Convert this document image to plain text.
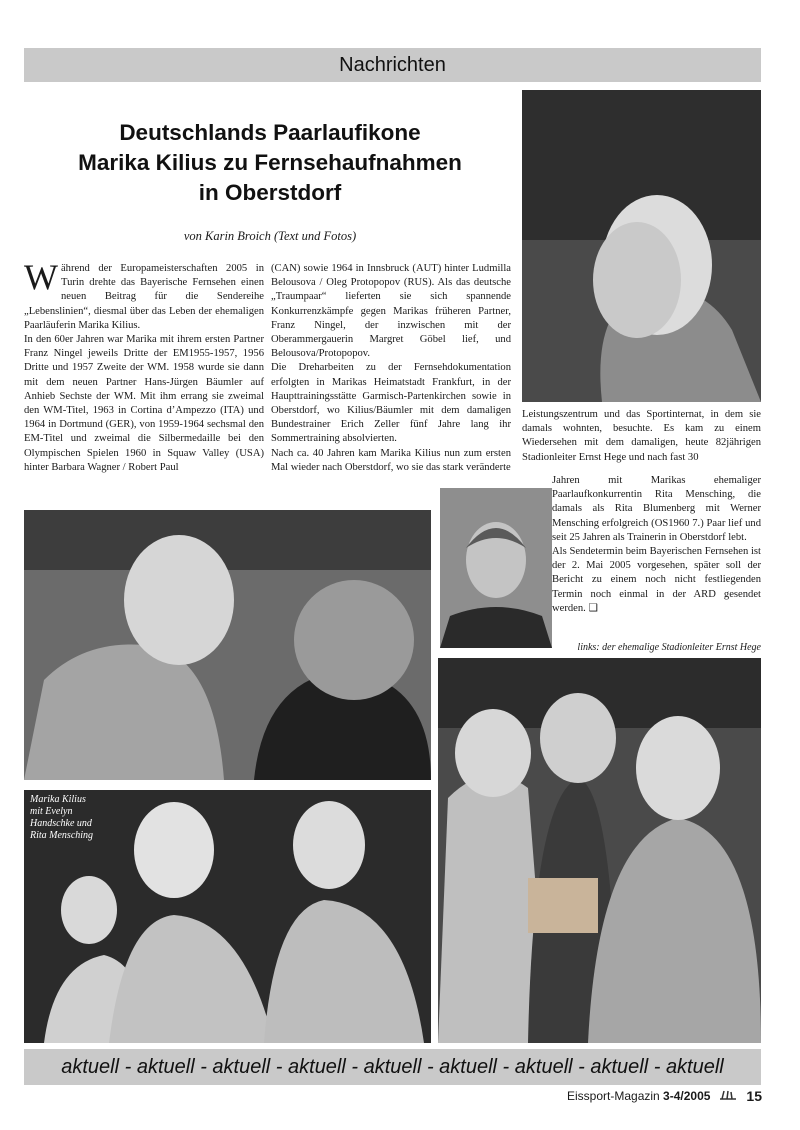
Nachrichten
Deutschlands Paarlaufikone
Marika Kilius zu Fernsehaufnahmen
in Oberstdorf
von Karin Broich (Text und Fotos)

Während der Europameisterschaften 2005 in Turin drehte das Bayerische Fernsehen einen neuen Beitrag für die Sendereihe „Lebenslinien“, diesmal über das Leben der ehemaligen Paarläuferin Marika Kilius.

In den 60er Jahren war Marika mit ihrem ersten Partner Franz Ningel jeweils Dritte der EM1955-1957, 1956 Dritte und 1957 Zweite der WM. 1958 wurde sie dann mit dem neuen Partner Hans-Jürgen Bäumler auf Anhieb Sechste der WM. Mit ihm errang sie zweimal den WM-Titel, 1963 in Cortina d’Ampezzo (ITA) und 1964 in Dortmund (GER), von 1959-1964 sechsmal den EM-Titel und zweimal die Silbermedaille bei den Olympischen Spielen 1960 in Squaw Valley (USA) hinter Barbara Wagner / Robert Paul

(CAN) sowie 1964 in Innsbruck (AUT) hinter Ludmilla Belousova / Oleg Protopopov (RUS). Als das deutsche „Traumpaar“ lieferten sie sich spannende Konkurrenzkämpfe gegen Marikas früheren Partner, Franz Ningel, der inzwischen mit der Oberammergauerin Margret Göbel lief, und Belousova/Protopopov.

Die Dreharbeiten zu der Fernsehdokumentation erfolgten in Marikas Heimatstadt Frankfurt, in der Haupttrainingsstätte Garmisch-Partenkirchen sowie in Oberstdorf, wo Kilius/Bäumler mit dem damaligen Bundestrainer Erich Zeller fünf Jahre lang ihr Sommertraining absolvierten.

Nach ca. 40 Jahren kam Marika Kilius nun zum ersten Mal wieder nach Oberstdorf, wo sie das stark veränderte

Leistungszentrum und das Sportinternat, in dem sie damals wohnten, besuchte. Es kam zu einem Wiedersehen mit dem damaligen, heute 82jährigen Stadionleiter Ernst Hege und nach fast 30

Jahren mit Marikas ehemaliger Paarlaufkonkurrentin Rita Mensching, die damals als Rita Blumenberg mit Werner Mensching erfolgreich (OS1960 7.) Paar lief und seit 25 Jahren als Trainerin in Oberstdorf lebt.

Als Sendetermin beim Bayerischen Fernsehen ist der 2. Mai 2005 vorgesehen, später soll der Bericht zu einem noch nicht festliegenden Termin noch einmal in der ARD gesendet werden. ❑

Marika Kilius
mit Evelyn
Handschke und
Rita Mensching
links: der ehemalige Stadionleiter Ernst Hege
aktuell - aktuell - aktuell - aktuell - aktuell - aktuell - aktuell - aktuell - aktuell
Eissport-Magazin
3-4/2005	15
